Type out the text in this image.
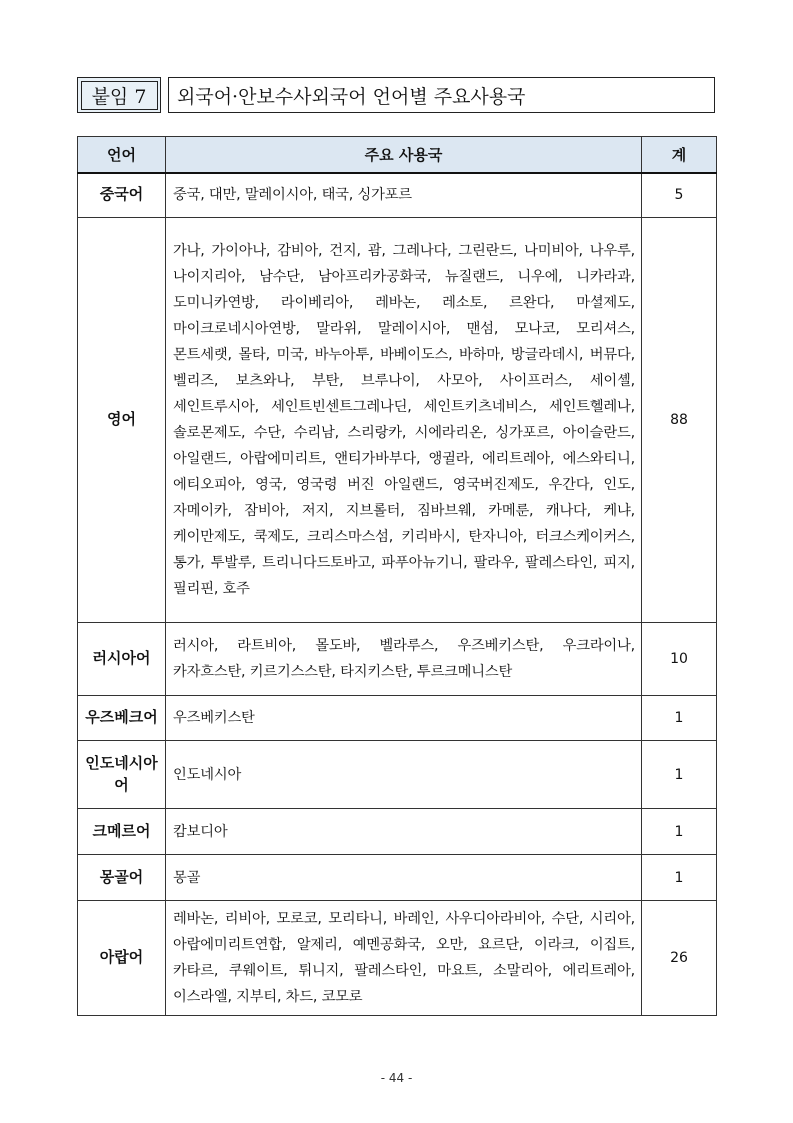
붙임 7	외국어·안보수사외국어 언어별 주요사용국
언어	주요 사용국	계
중국어	중국, 대만, 말레이시아, 태국, 싱가포르	5
영어	가나, 가이아나, 감비아, 건지, 괌, 그레나다, 그린란드, 나미비아, 나우루, 나이지리아, 남수단, 남아프리카공화국, 뉴질랜드, 니우에, 니카라과, 도미니카연방, 라이베리아, 레바논, 레소토, 르완다, 마셜제도, 마이크로네시아연방, 말라위, 말레이시아, 맨섬, 모나코, 모리셔스, 몬트세랫, 몰타, 미국, 바누아투, 바베이도스, 바하마, 방글라데시, 버뮤다, 벨리즈, 보츠와나, 부탄, 브루나이, 사모아, 사이프러스, 세이셸, 세인트루시아, 세인트빈센트그레나딘, 세인트키츠네비스, 세인트헬레나, 솔로몬제도, 수단, 수리남, 스리랑카, 시에라리온, 싱가포르, 아이슬란드, 아일랜드, 아랍에미리트, 앤티가바부다, 앵귈라, 에리트레아, 에스와티니, 에티오피아, 영국, 영국령 버진 아일랜드, 영국버진제도, 우간다, 인도, 자메이카, 잠비아, 저지, 지브롤터, 짐바브웨, 카메룬, 캐나다, 케냐, 케이만제도, 쿡제도, 크리스마스섬, 키리바시, 탄자니아, 터크스케이커스, 통가, 투발루, 트리니다드토바고, 파푸아뉴기니, 팔라우, 팔레스타인, 피지, 필리핀, 호주	88
러시아어	러시아, 라트비아, 몰도바, 벨라루스, 우즈베키스탄, 우크라이나, 카자흐스탄, 키르기스스탄, 타지키스탄, 투르크메니스탄	10
우즈베크어	우즈베키스탄	1
인도네시아어	인도네시아	1
크메르어	캄보디아	1
몽골어	몽골	1
아랍어	레바논, 리비아, 모로코, 모리타니, 바레인, 사우디아라비아, 수단, 시리아, 아랍에미리트연합, 알제리, 예멘공화국, 오만, 요르단, 이라크, 이집트, 카타르, 쿠웨이트, 튀니지, 팔레스타인, 마요트, 소말리아, 에리트레아, 이스라엘, 지부티, 차드, 코모로	26
- 44 -
